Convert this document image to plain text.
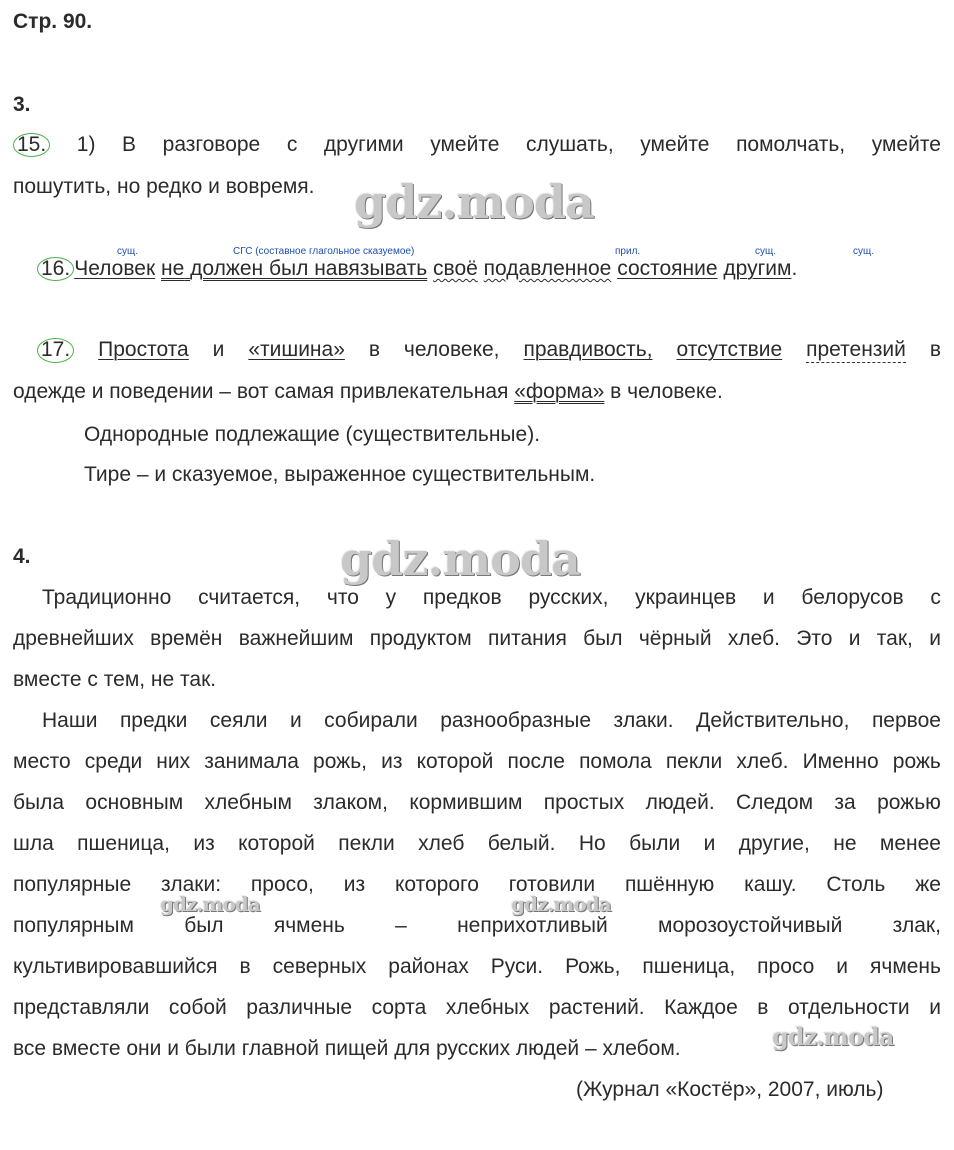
Стр. 90.
3.
15. 1) В разговоре с другими умейте слушать, умейте помолчать, умейте
пошутить, но редко и вовремя.
сущ.	СГС (составное глагольное сказуемое)	прил.	сущ.	сущ.
16. Человек не должен был навязывать своё подавленное состояние другим.
17. Простота и «тишина» в человеке, правдивость, отсутствие претензий в
одежде и поведении – вот самая привлекательная «форма» в человеке.
Однородные подлежащие (существительные).
Тире – и сказуемое, выраженное существительным.
4.
Традиционно считается, что у предков русских, украинцев и белорусов с
древнейших времён важнейшим продуктом питания был чёрный хлеб. Это и так, и
вместе с тем, не так.
Наши предки сеяли и собирали разнообразные злаки. Действительно, первое
место среди них занимала рожь, из которой после помола пекли хлеб. Именно рожь
была основным хлебным злаком, кормившим простых людей. Следом за рожью
шла пшеница, из которой пекли хлеб белый. Но были и другие, не менее
популярные злаки: просо, из которого готовили пшённую кашу. Столь же
популярным был ячмень – неприхотливый морозоустойчивый злак,
культивировавшийся в северных районах Руси. Рожь, пшеница, просо и ячмень
представляли собой различные сорта хлебных растений. Каждое в отдельности и
все вместе они и были главной пищей для русских людей – хлебом.
(Журнал «Костёр», 2007, июль)
gdz.moda
gdz.moda
gdz.moda	gdz.moda
gdz.moda
